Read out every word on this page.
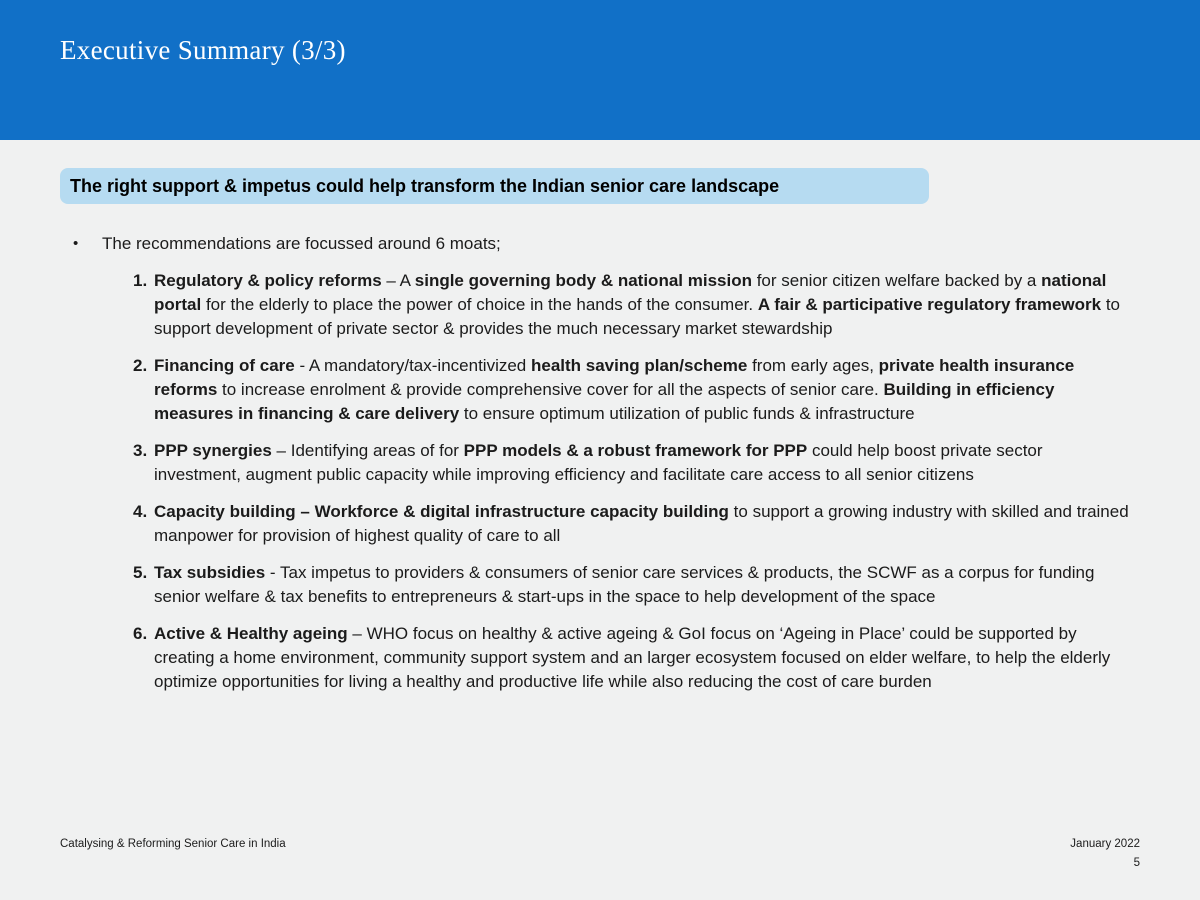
Executive Summary (3/3)
The right support & impetus could help transform the Indian senior care landscape
•	The recommendations are focussed around 6 moats;
1. Regulatory & policy reforms – A single governing body & national mission for senior citizen welfare backed by a national portal for the elderly to place the power of choice in the hands of the consumer. A fair & participative regulatory framework to support development of private sector & provides the much necessary market stewardship
2. Financing of care - A mandatory/tax-incentivized health saving plan/scheme from early ages, private health insurance reforms to increase enrolment & provide comprehensive cover for all the aspects of senior care. Building in efficiency measures in financing & care delivery to ensure optimum utilization of public funds & infrastructure
3. PPP synergies – Identifying areas of for PPP models & a robust framework for PPP could help boost private sector investment, augment public capacity while improving efficiency and facilitate care access to all senior citizens
4. Capacity building – Workforce & digital infrastructure capacity building to support a growing industry with skilled and trained manpower for provision of highest quality of care to all
5. Tax subsidies - Tax impetus to providers & consumers of senior care services & products, the SCWF as a corpus for funding senior welfare & tax benefits to entrepreneurs & start-ups in the space to help development of the space
6. Active & Healthy ageing – WHO focus on healthy & active ageing & GoI focus on ‘Ageing in Place’ could be supported by creating a home environment, community support system and an larger ecosystem focused on elder welfare, to help the elderly optimize opportunities for living a healthy and productive life while also reducing the cost of care burden
Catalysing & Reforming Senior Care in India	January 2022
5
